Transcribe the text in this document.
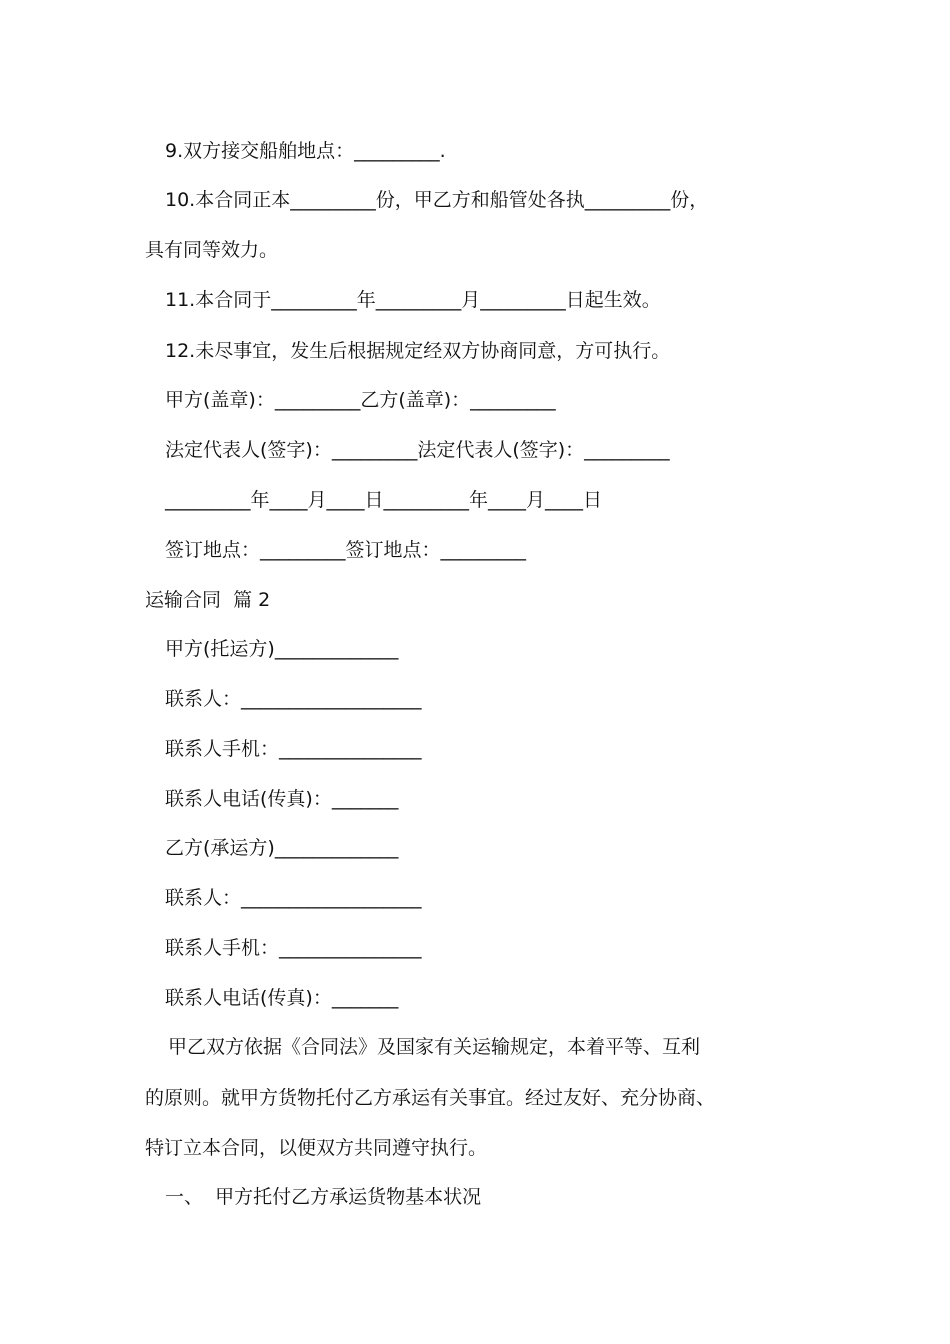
9.双方接交船舶地点：_________.
10.本合同正本_________份，甲乙方和船管处各执_________份，
具有同等效力。
11.本合同于_________年_________月_________日起生效。
12.未尽事宜，发生后根据规定经双方协商同意，方可执行。
甲方(盖章)：_________乙方(盖章)：_________
法定代表人(签字)：_________法定代表人(签字)：_________
_________年____月____日_________年____月____日
签订地点：_________签订地点：_________
运输合同  篇 2
甲方(托运方)_____________
联系人：___________________
联系人手机：_______________
联系人电话(传真)：_______
乙方(承运方)_____________
联系人：___________________
联系人手机：_______________
联系人电话(传真)：_______
甲乙双方依据《合同法》及国家有关运输规定，本着平等、互利
的原则。就甲方货物托付乙方承运有关事宜。经过友好、充分协商、
特订立本合同，以便双方共同遵守执行。
一、  甲方托付乙方承运货物基本状况
